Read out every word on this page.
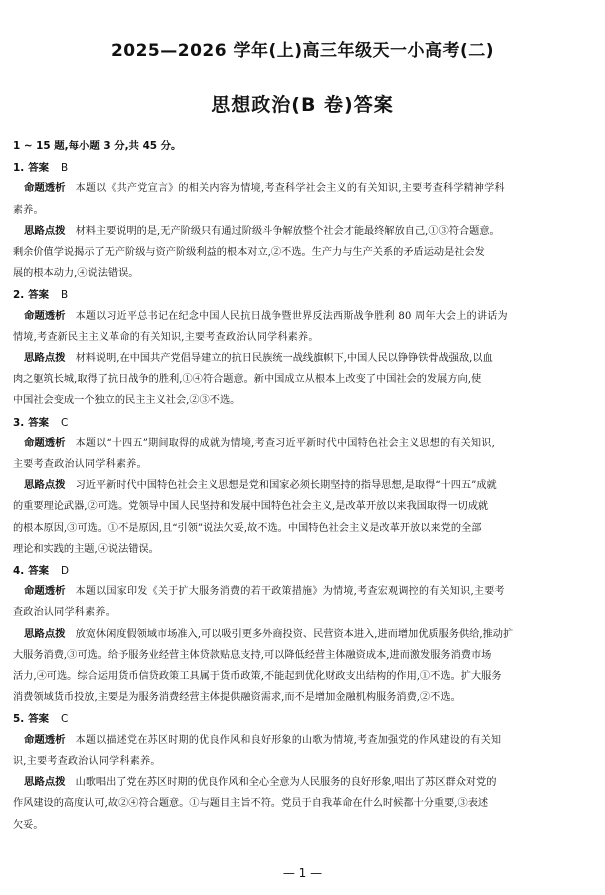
2025—2026 学年(上)高三年级天一小高考(二)
思想政治(B 卷)答案
1 ~ 15 题,每小题 3 分,共 45 分。
1. 答案 B
命题透析 本题以《共产党宣言》的相关内容为情境,考查科学社会主义的有关知识,主要考查科学精神学科
素养。
思路点拨 材料主要说明的是,无产阶级只有通过阶级斗争解放整个社会才能最终解放自己,①③符合题意。
剩余价值学说揭示了无产阶级与资产阶级利益的根本对立,②不选。生产力与生产关系的矛盾运动是社会发
展的根本动力,④说法错误。
2. 答案 B
命题透析 本题以习近平总书记在纪念中国人民抗日战争暨世界反法西斯战争胜利 80 周年大会上的讲话为
情境,考查新民主主义革命的有关知识,主要考查政治认同学科素养。
思路点拨 材料说明,在中国共产党倡导建立的抗日民族统一战线旗帜下,中国人民以铮铮铁骨战强敌,以血
肉之躯筑长城,取得了抗日战争的胜利,①④符合题意。新中国成立从根本上改变了中国社会的发展方向,使
中国社会变成一个独立的民主主义社会,②③不选。
3. 答案 C
命题透析 本题以“十四五”期间取得的成就为情境,考查习近平新时代中国特色社会主义思想的有关知识,
主要考查政治认同学科素养。
思路点拨 习近平新时代中国特色社会主义思想是党和国家必须长期坚持的指导思想,是取得“十四五”成就
的重要理论武器,②可选。党领导中国人民坚持和发展中国特色社会主义,是改革开放以来我国取得一切成就
的根本原因,③可选。①不是原因,且“引领”说法欠妥,故不选。中国特色社会主义是改革开放以来党的全部
理论和实践的主题,④说法错误。
4. 答案 D
命题透析 本题以国家印发《关于扩大服务消费的若干政策措施》为情境,考查宏观调控的有关知识,主要考
查政治认同学科素养。
思路点拨 放宽休闲度假领域市场准入,可以吸引更多外商投资、民营资本进入,进而增加优质服务供给,推动扩
大服务消费,③可选。给予服务业经营主体贷款贴息支持,可以降低经营主体融资成本,进而激发服务消费市场
活力,④可选。综合运用货币信贷政策工具属于货币政策,不能起到优化财政支出结构的作用,①不选。扩大服务
消费领域货币投放,主要是为服务消费经营主体提供融资需求,而不是增加金融机构服务消费,②不选。
5. 答案 C
命题透析 本题以描述党在苏区时期的优良作风和良好形象的山歌为情境,考查加强党的作风建设的有关知
识,主要考查政治认同学科素养。
思路点拨 山歌唱出了党在苏区时期的优良作风和全心全意为人民服务的良好形象,唱出了苏区群众对党的
作风建设的高度认可,故②④符合题意。①与题目主旨不符。党员于自我革命在什么时候都十分重要,③表述
欠妥。
— 1 —
